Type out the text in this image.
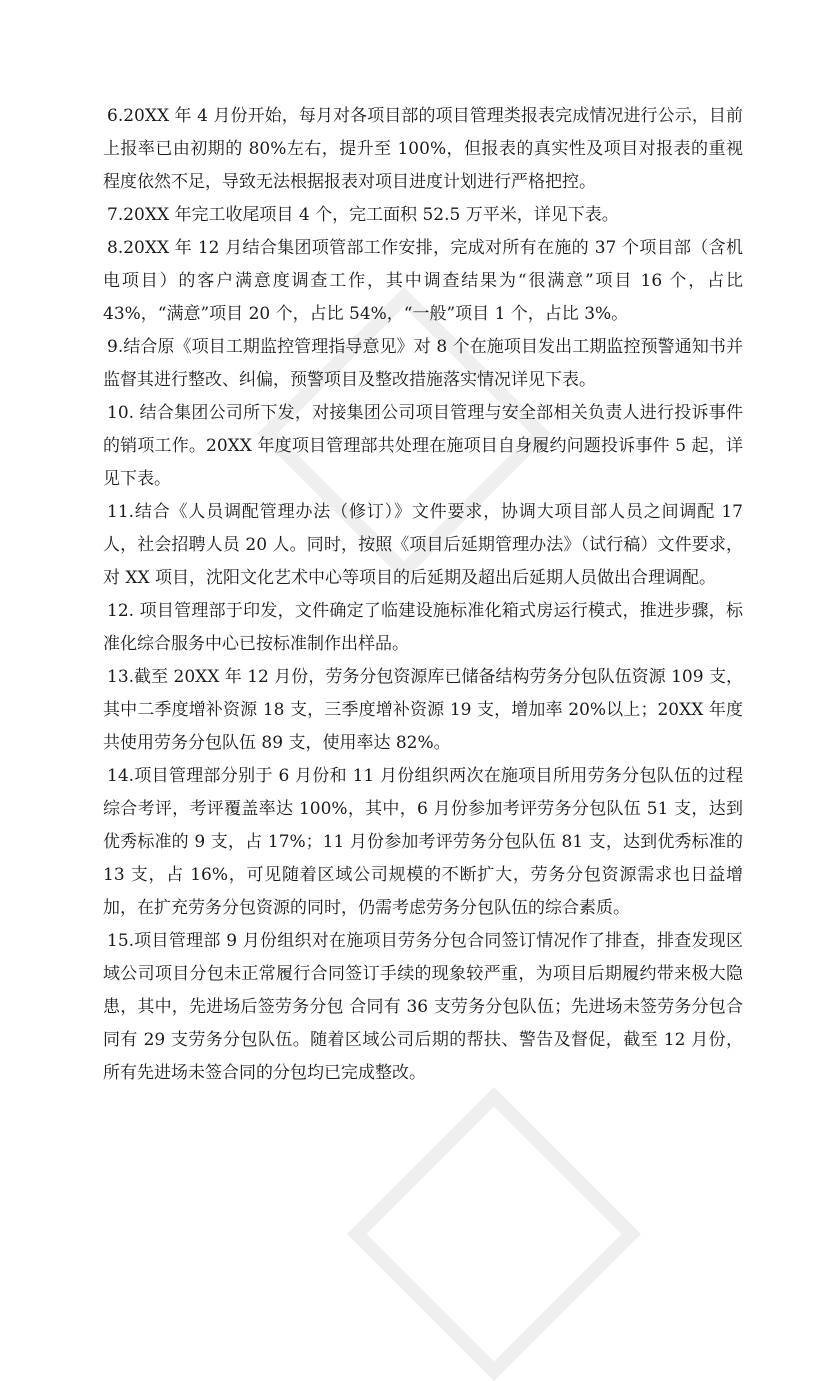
6.20XX 年 4 月份开始，每月对各项目部的项目管理类报表完成情况进行公示，目前上报率已由初期的 80%左右，提升至 100%，但报表的真实性及项目对报表的重视程度依然不足，导致无法根据报表对项目进度计划进行严格把控。

7.20XX 年完工收尾项目 4 个，完工面积 52.5 万平米，详见下表。

8.20XX 年 12 月结合集团项管部工作安排，完成对所有在施的 37 个项目部（含机电项目）的客户满意度调查工作，其中调查结果为“很满意”项目 16 个，占比 43%，“满意”项目 20 个，占比 54%，“一般”项目 1 个，占比 3%。

9.结合原《项目工期监控管理指导意见》对 8 个在施项目发出工期监控预警通知书并监督其进行整改、纠偏，预警项目及整改措施落实情况详见下表。

10. 结合集团公司所下发，对接集团公司项目管理与安全部相关负责人进行投诉事件的销项工作。20XX 年度项目管理部共处理在施项目自身履约问题投诉事件 5 起，详见下表。

11.结合《人员调配管理办法（修订）》文件要求，协调大项目部人员之间调配 17 人，社会招聘人员 20 人。同时，按照《项目后延期管理办法》（试行稿）文件要求，对 XX 项目，沈阳文化艺术中心等项目的后延期及超出后延期人员做出合理调配。

12. 项目管理部于印发，文件确定了临建设施标准化箱式房运行模式，推进步骤，标准化综合服务中心已按标准制作出样品。

13.截至 20XX 年 12 月份，劳务分包资源库已储备结构劳务分包队伍资源 109 支，其中二季度增补资源 18 支，三季度增补资源 19 支，增加率 20%以上；20XX 年度共使用劳务分包队伍 89 支，使用率达 82%。

14.项目管理部分别于 6 月份和 11 月份组织两次在施项目所用劳务分包队伍的过程综合考评，考评覆盖率达 100%，其中，6 月份参加考评劳务分包队伍 51 支，达到优秀标准的 9 支，占 17%；11 月份参加考评劳务分包队伍 81 支，达到优秀标准的 13 支，占 16%，可见随着区域公司规模的不断扩大，劳务分包资源需求也日益增加，在扩充劳务分包资源的同时，仍需考虑劳务分包队伍的综合素质。

15.项目管理部 9 月份组织对在施项目劳务分包合同签订情况作了排查，排查发现区域公司项目分包未正常履行合同签订手续的现象较严重，为项目后期履约带来极大隐患，其中，先进场后签劳务分包 合同有 36 支劳务分包队伍；先进场未签劳务分包合同有 29 支劳务分包队伍。随着区域公司后期的帮扶、警告及督促，截至 12 月份，所有先进场未签合同的分包均已完成整改。
